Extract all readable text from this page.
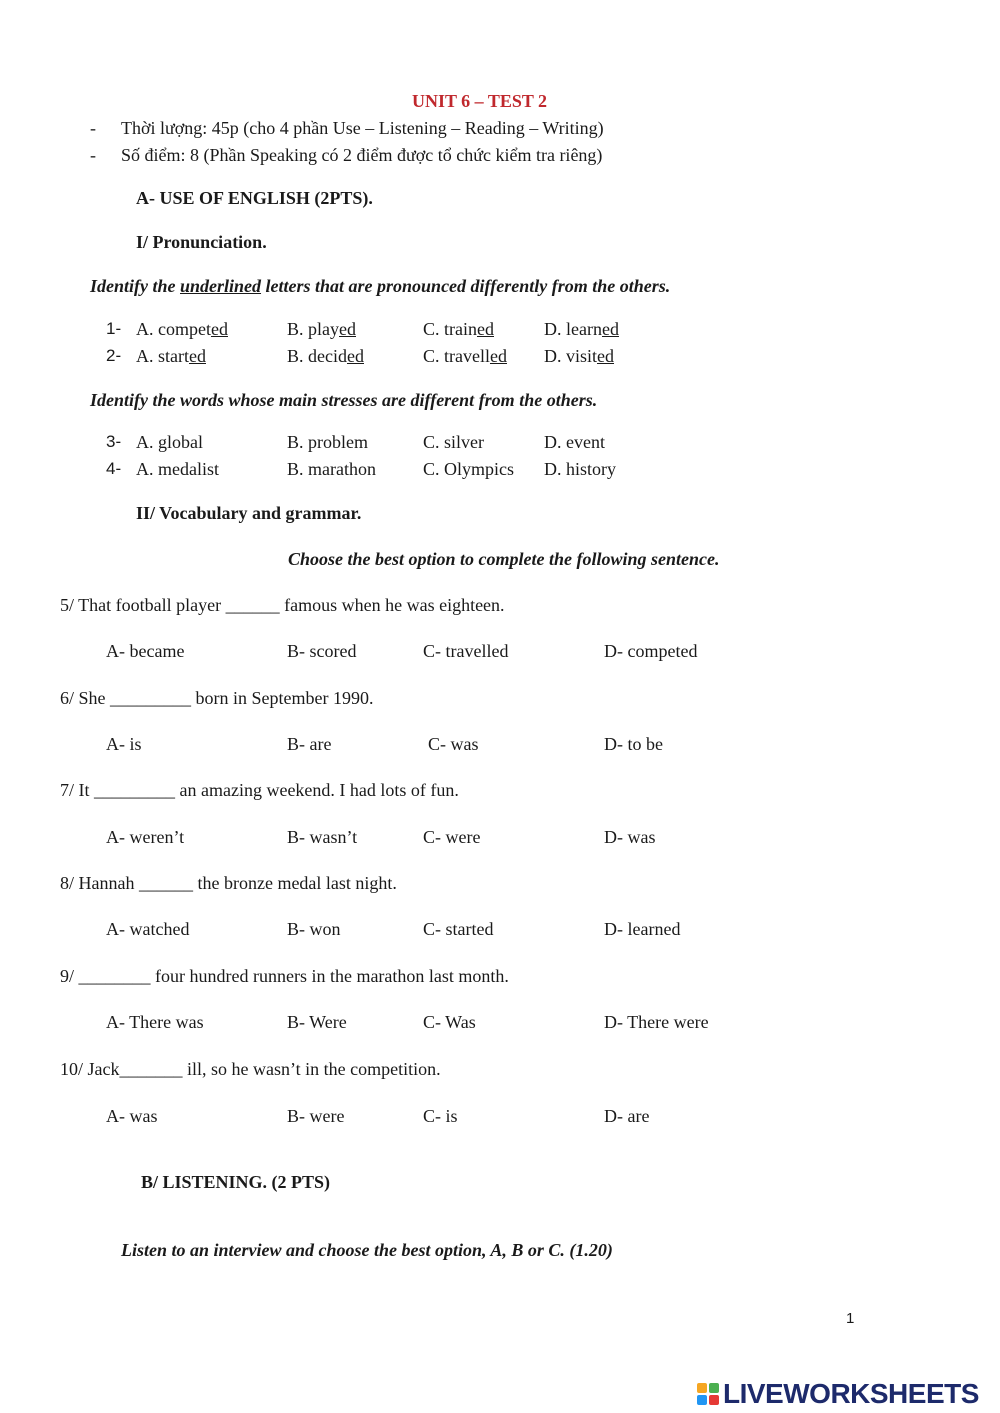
UNIT 6 – TEST 2
- Thời lượng: 45p (cho 4 phần Use – Listening – Reading – Writing)
- Số điểm: 8 (Phần Speaking có 2 điểm được tổ chức kiểm tra riêng)
A- USE OF ENGLISH (2PTS).
I/ Pronunciation.
Identify the underlined letters that are pronounced differently from the others.
1- A. competed	B. played	C. trained	D. learned
2- A. started	B. decided	C. travelled D. visited
Identify the words whose main stresses are different from the others.
3- A. global	B. problem	C. silver	D. event
4- A. medalist	B. marathon	C. Olympics D. history
II/ Vocabulary and grammar.
Choose the best option to complete the following sentence.
5/ That football player ______ famous when he was eighteen.
A- became	B- scored	C- travelled	D- competed
6/ She _________ born in September 1990.
A- is	B- are	C- was	D- to be
7/ It _________ an amazing weekend. I had lots of fun.
A- weren’t	B- wasn’t	C- were	D- was
8/ Hannah ______ the bronze medal last night.
A- watched	B- won	C- started	D- learned
9/ ________ four hundred runners in the marathon last month.
A- There was	B- Were	C- Was	D- There were
10/ Jack_______ ill, so he wasn’t in the competition.
A- was	B- were	C- is	D- are
B/ LISTENING. (2 PTS)
Listen to an interview and choose the best option, A, B or C. (1.20)
1
LIVEWORKSHEETS
